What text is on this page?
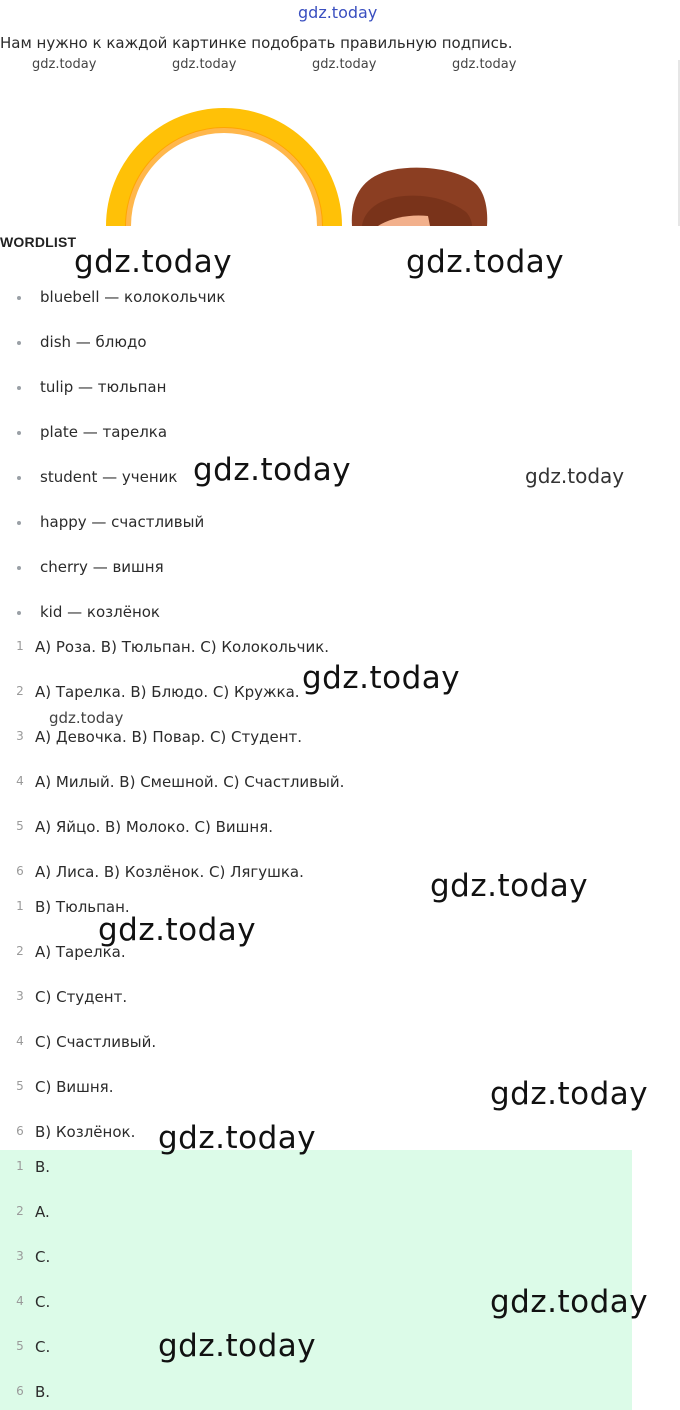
gdz.today
Нам нужно к каждой картинке подобрать правильную подпись.
gdz.today	gdz.today	gdz.today	gdz.today
WORDLIST
bluebell — колокольчик
dish — блюдо
tulip — тюльпан
plate — тарелка
student — ученик
happy — счастливый
cherry — вишня
kid — козлёнок
1 A) Роза. B) Тюльпан. C) Колокольчик.
2 A) Тарелка. B) Блюдо. C) Кружка.
3 A) Девочка. B) Повар. C) Студент.
4 A) Милый. B) Смешной. C) Счастливый.
5 A) Яйцо. B) Молоко. C) Вишня.
6 A) Лиса. B) Козлёнок. C) Лягушка.
1 B) Тюльпан.
2 A) Тарелка.
3 C) Студент.
4 C) Счастливый.
5 C) Вишня.
6 B) Козлёнок.
1 B.
2 A.
3 C.
4 C.
5 C.
6 B.
gdz.today	gdz.today
gdz.today	gdz.today
gdz.today
gdz.today
gdz.today
gdz.today
gdz.today
gdz.today
gdz.today
gdz.today
